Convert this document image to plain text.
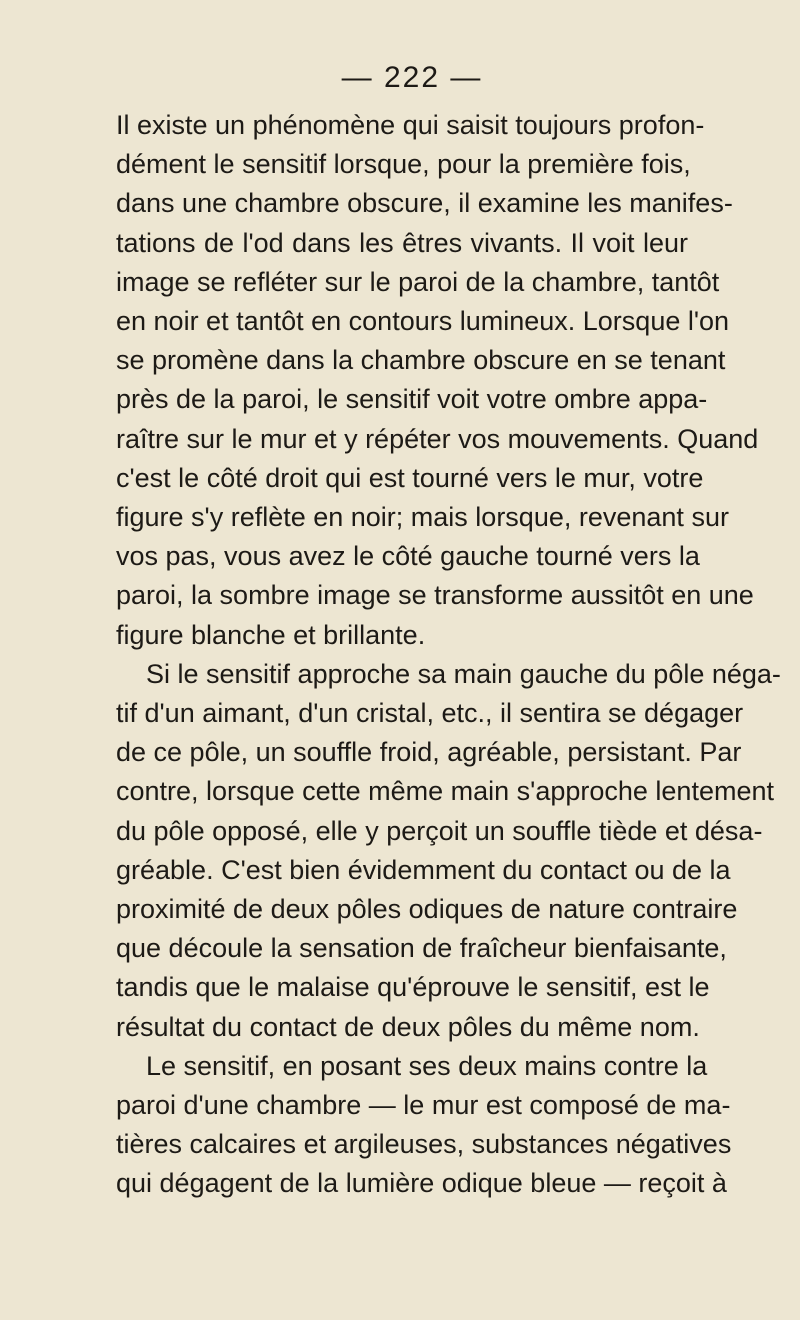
— 222 —
Il existe un phénomène qui saisit toujours profon-
dément le sensitif lorsque, pour la première fois,
dans une chambre obscure, il examine les manifes-
tations de l'od dans les êtres vivants. Il voit leur
image se refléter sur le paroi de la chambre, tantôt
en noir et tantôt en contours lumineux. Lorsque l'on
se promène dans la chambre obscure en se tenant
près de la paroi, le sensitif voit votre ombre appa-
raître sur le mur et y répéter vos mouvements. Quand
c'est le côté droit qui est tourné vers le mur, votre
figure s'y reflète en noir; mais lorsque, revenant sur
vos pas, vous avez le côté gauche tourné vers la
paroi, la sombre image se transforme aussitôt en une
figure blanche et brillante.
Si le sensitif approche sa main gauche du pôle néga-
tif d'un aimant, d'un cristal, etc., il sentira se dégager
de ce pôle, un souffle froid, agréable, persistant. Par
contre, lorsque cette même main s'approche lentement
du pôle opposé, elle y perçoit un souffle tiède et désa-
gréable. C'est bien évidemment du contact ou de la
proximité de deux pôles odiques de nature contraire
que découle la sensation de fraîcheur bienfaisante,
tandis que le malaise qu'éprouve le sensitif, est le
résultat du contact de deux pôles du même nom.
Le sensitif, en posant ses deux mains contre la
paroi d'une chambre — le mur est composé de ma-
tières calcaires et argileuses, substances négatives
qui dégagent de la lumière odique bleue — reçoit à
